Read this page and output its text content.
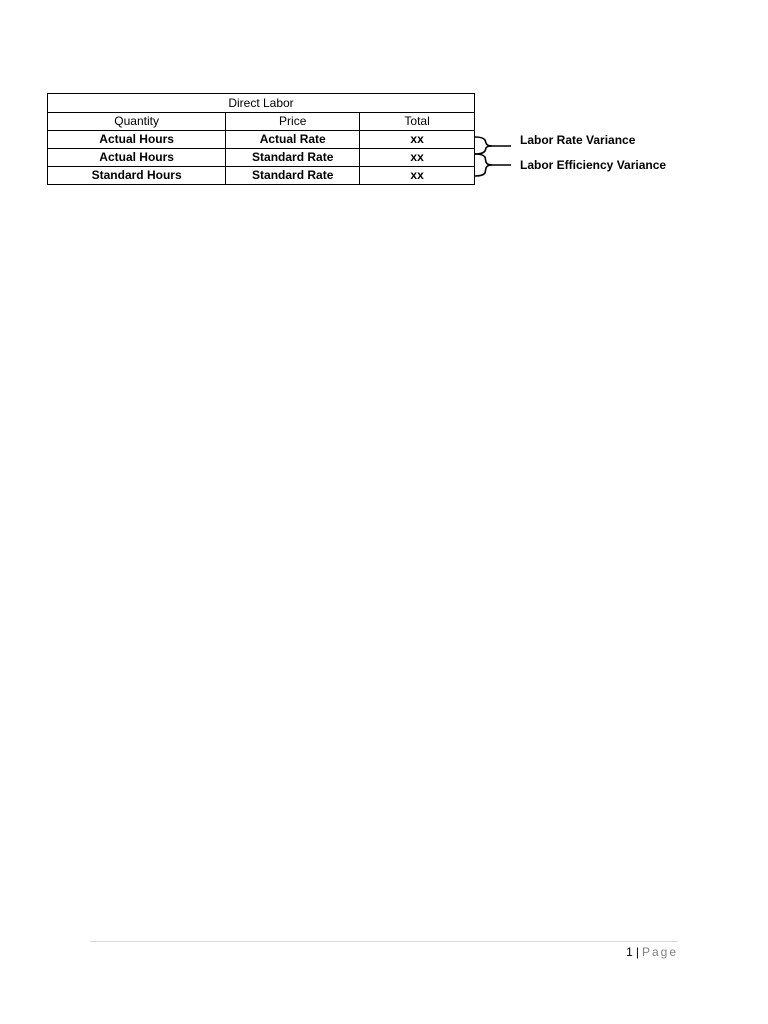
Direct Labor		
Quantity	Price	Total
Actual Hours	Actual Rate	xx
Actual Hours	Standard Rate	xx
Standard Hours	Standard Rate	xx
Labor Rate Variance
Labor Efficiency Variance
1 | Page
